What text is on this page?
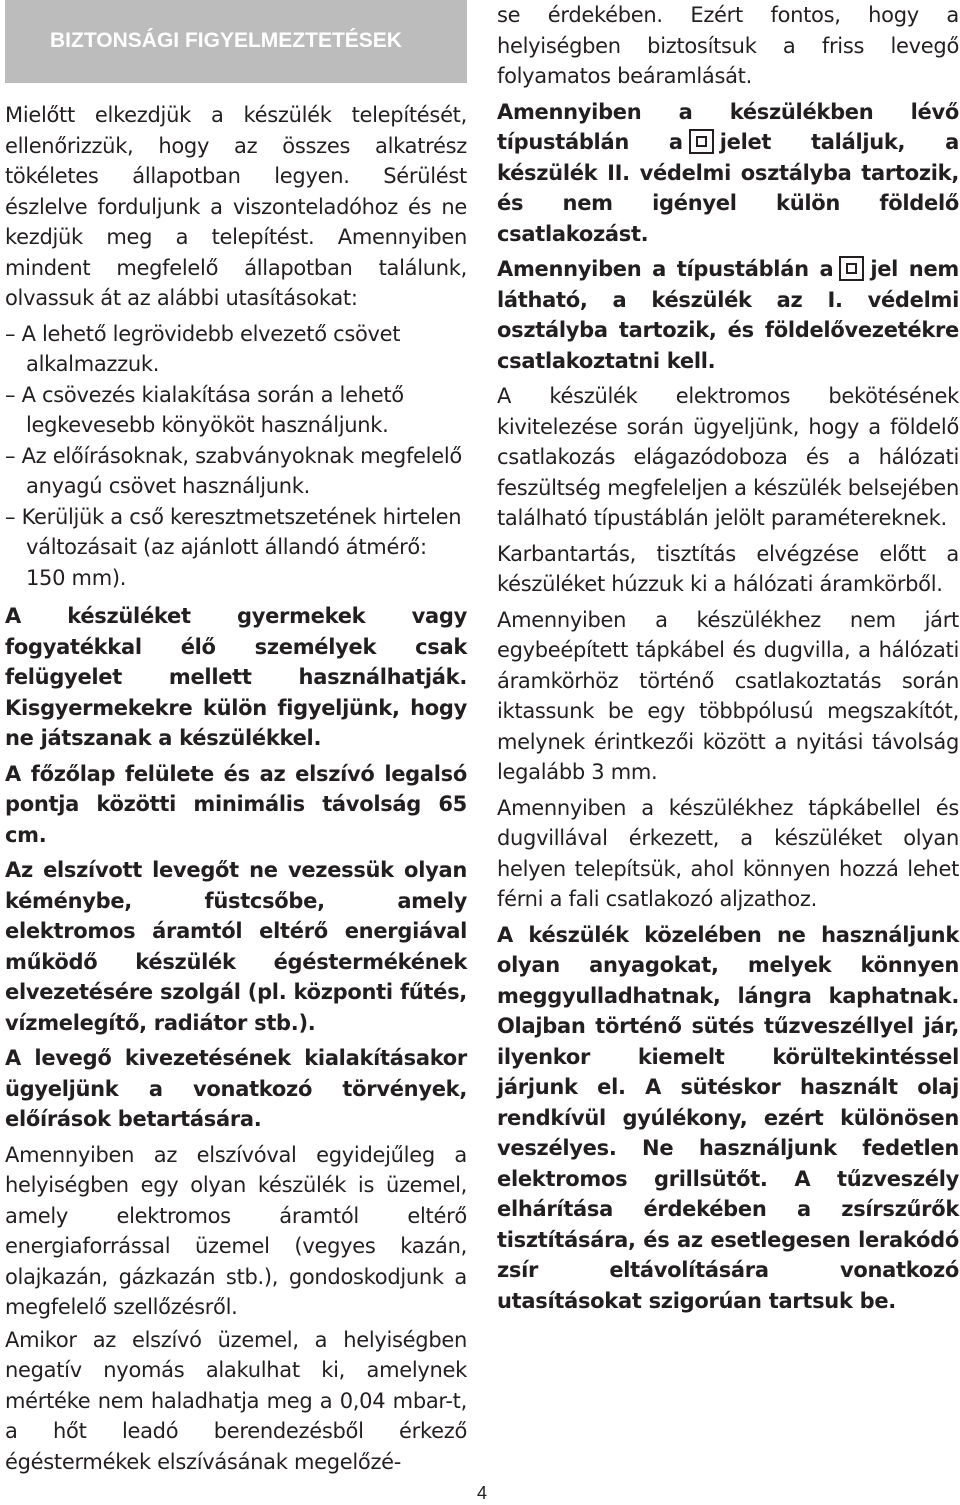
BIZTONSÁGI FIGYELMEZTETÉSEK

Mielőtt elkezdjük a készülék telepítését, ellenőrizzük, hogy az összes alkatrész tökéletes állapotban legyen. Sérülést észlelve forduljunk a viszonteladóhoz és ne kezdjük meg a telepítést. Amennyiben mindent megfelelő állapotban találunk, olvassuk át az alábbi utasításokat:

– A lehető legrövidebb elvezető csövet alkalmazzuk.

– A csövezés kialakítása során a lehető legkevesebb könyököt használjunk.

– Az előírásoknak, szabványoknak megfelelő anyagú csövet használjunk.

– Kerüljük a cső keresztmetszetének hirtelen változásait (az ajánlott állandó átmérő: 150 mm).

A készüléket gyermekek vagy fogyatékkal élő személyek csak felügyelet mellett használhatják. Kisgyermekekre külön figyeljünk, hogy ne játszanak a készülékkel.

A főzőlap felülete és az elszívó legalsó pontja közötti minimális távolság 65 cm.

Az elszívott levegőt ne vezessük olyan kéménybe, füstcsőbe, amely elektromos áramtól eltérő energiával működő készülék égéstermékének elvezetésére szolgál (pl. központi fűtés, vízmelegítő, radiátor stb.).

A levegő kivezetésének kialakításakor ügyeljünk a vonatkozó törvények, előírások betartására.

Amennyiben az elszívóval egyidejűleg a helyiségben egy olyan készülék is üzemel, amely elektromos áramtól eltérő energiaforrással üzemel (vegyes kazán, olajkazán, gázkazán stb.), gondoskodjunk a megfelelő szellőzésről.

Amikor az elszívó üzemel, a helyiségben negatív nyomás alakulhat ki, amelynek mértéke nem haladhatja meg a 0,04 mbar-t, a hőt leadó berendezésből érkező égéstermékek elszívásának megelőzé-

se érdekében. Ezért fontos, hogy a helyiségben biztosítsuk a friss levegő folyamatos beáramlását.

Amennyiben a készülékben lévő típustáblán a jelet találjuk, a készülék II. védelmi osztályba tartozik, és nem igényel külön földelő csatlakozást.

Amennyiben a típustáblán a jel nem látható, a készülék az I. védelmi osztályba tartozik, és földelővezetékre csatlakoztatni kell.

A készülék elektromos bekötésének kivitelezése során ügyeljünk, hogy a földelő csatlakozás elágazódoboza és a hálózati feszültség megfeleljen a készülék belsejében található típustáblán jelölt paramétereknek.

Karbantartás, tisztítás elvégzése előtt a készüléket húzzuk ki a hálózati áramkörből.

Amennyiben a készülékhez nem járt egybeépített tápkábel és dugvilla, a hálózati áramkörhöz történő csatlakoztatás során iktassunk be egy többpólusú megszakítót, melynek érintkezői között a nyitási távolság legalább 3 mm.

Amennyiben a készülékhez tápkábellel és dugvillával érkezett, a készüléket olyan helyen telepítsük, ahol könnyen hozzá lehet férni a fali csatlakozó aljzathoz.

A készülék közelében ne használjunk olyan anyagokat, melyek könnyen meggyulladhatnak, lángra kaphatnak. Olajban történő sütés tűzveszéllyel jár, ilyenkor kiemelt körültekintéssel járjunk el. A sütéskor használt olaj rendkívül gyúlékony, ezért különösen veszélyes. Ne használjunk fedetlen elektromos grillsütőt. A tűzveszély elhárítása érdekében a zsírszűrők tisztítására, és az esetlegesen lerakódó zsír eltávolítására vonatkozó utasításokat szigorúan tartsuk be.

4
